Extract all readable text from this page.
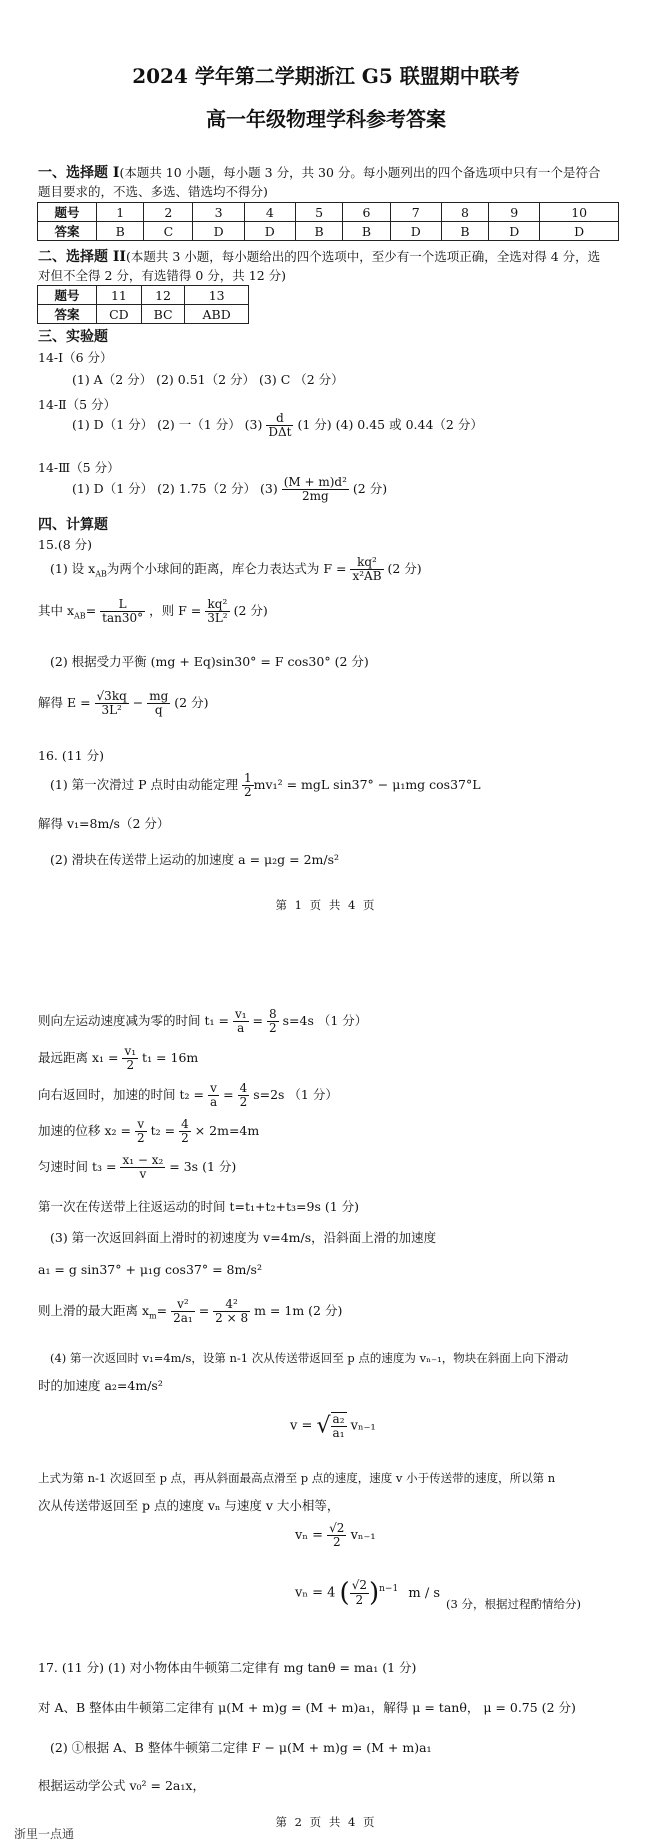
2024 学年第二学期浙江 G5 联盟期中联考
高一年级物理学科参考答案
一、选择题 I(本题共 10 小题，每小题 3 分，共 30 分。每小题列出的四个备选项中只有一个是符合
题目要求的，不选、多选、错选均不得分)
题号	1	2	3	4	5	6	7	8	9	10
答案	B	C	D	D	B	B	D	B	D	D
二、选择题 II(本题共 3 小题，每小题给出的四个选项中，至少有一个选项正确，全选对得 4 分，选
对但不全得 2 分，有选错得 0 分，共 12 分)
题号	11	12	13
答案	CD	BC	ABD
三、实验题
14-Ⅰ（6 分）
(1) A（2 分） (2) 0.51（2 分） (3) C （2 分）
14-Ⅱ（5 分）
(1) D（1 分） (2) 一（1 分） $(3) \frac{d}{\text{DΔt}} (1$ 分) (4) 0.45 或 0.44（2 分）
14-Ⅲ（5 分）
(1) D（1 分） (2) 1.75（2 分） $(3) \frac{\text{(M + m)d²}}{2mg} (2$ 分)
四、计算题
15.(8 分)
(1) 设 $x_{AB}$为两个小球间的距离，库仑力表达式为 $F = \frac{\text{kq²}}{\text{x²AB}} (2$ 分)
其中 $x_{AB}= \frac{L}{\tan 30^\circ}$ ，则 $F = \frac{\text{kq²}}{\text{3L²}} (2$ 分)
(2) 根据受力平衡 (mg + Eq)sin30° = F cos30° (2 分)
解得 $E = \frac{√3kq}{\text{3L²}} - \frac{mg}{q} (2$ 分)
16. (11 分)
(1) 第一次滑过 P 点时由动能定理 $\frac{1}{2} mv_1^2$ = mgL sin37° − μ₁mg cos37°L
解得 v₁=8m/s（2 分）
(2) 滑块在传送带上运动的加速度 a = μ₂g = 2m/s²
第 1 页 共 4 页
则向左运动速度减为零的时间 $t_1 = \frac{\text{v₁}}{a} = \frac{8}{2} s=4s$ （1 分）
最远距离 $x_1 = \frac{\text{v₁}}{2} t_1 = 16m$
向右返回时，加速的时间 $t_2 = \frac{v}{a} = \frac{4}{2} s=2s$ （1 分）
加速的位移 $x_2 = \frac{v}{2} t_2 = \frac{4}{2} \times 2m=4m$
匀速时间 $t_3 = \frac{\text{x₁ − x₂}}{v} = 3s$ (1 分)
第一次在传送带上往返运动的时间 t=t₁+t₂+t₃=9s (1 分)
(3) 第一次返回斜面上滑时的初速度为 v=4m/s，沿斜面上滑的加速度
a₁ = g sin37° + μ₁g cos37° = 8m/s²
则上滑的最大距离 $x_m= \frac{\text{v²}}{\text{2a₁}} = \frac{\text{4²}}{2 \times 8}$ m = 1m (2 分)
(4) 第一次返回时 v₁=4m/s，设第 n-1 次从传送带返回至 p 点的速度为 vₙ₋₁，物块在斜面上向下滑动
时的加速度 a₂=4m/s²
v = √ $\frac{\text{a₂}}{\text{a₁}} v_{n-1}$
上式为第 n-1 次返回至 p 点，再从斜面最高点滑至 p 点的速度，速度 v 小于传送带的速度，所以第 n
次从传送带返回至 p 点的速度 vₙ 与速度 v 大小相等，
$v_n = \frac{√2}{2} v_{n-1}$
vₙ = 4 ( $\frac{√2}{2} )^{n-1}$ m / s
(3 分，根据过程酌情给分)
17. (11 分) (1) 对小物体由牛顿第二定律有 mg tanθ = ma₁ (1 分)
对 A、B 整体由牛顿第二定律有 μ(M + m)g = (M + m)a₁，解得 μ = tanθ， μ = 0.75 (2 分)
(2) ①根据 A、B 整体牛顿第二定律 F − μ(M + m)g = (M + m)a₁
根据运动学公式 v₀² = 2a₁x，
第 2 页 共 4 页
浙里一点通
